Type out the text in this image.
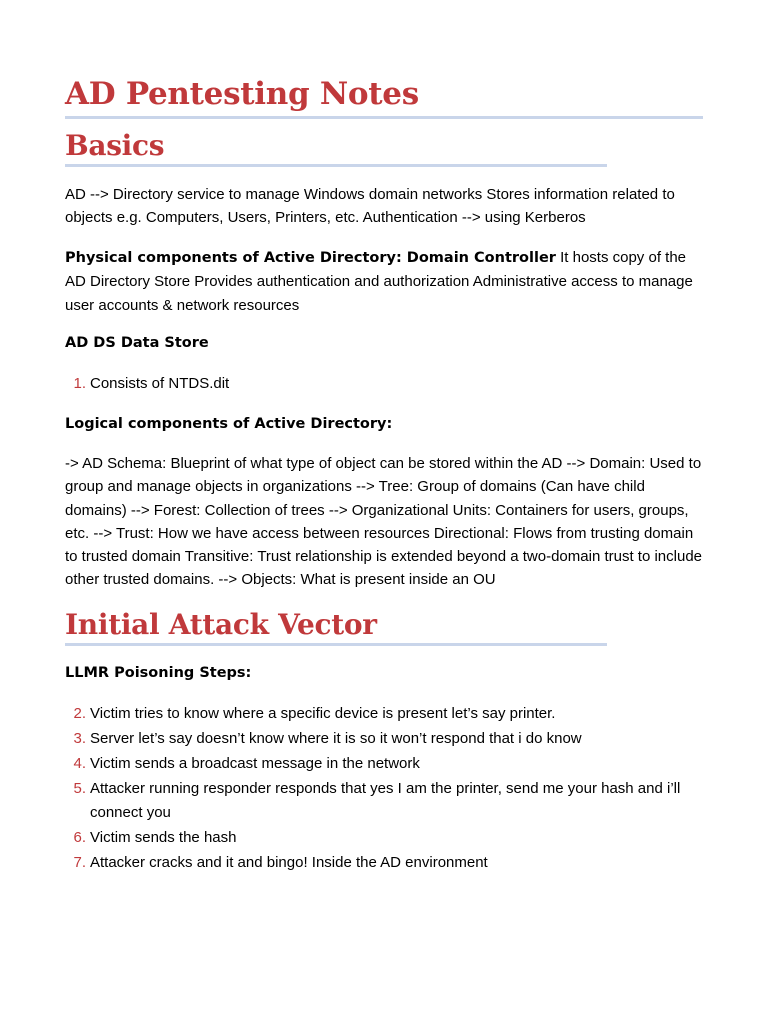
AD Pentesting Notes
Basics

AD --> Directory service to manage Windows domain networks Stores information related to objects e.g. Computers, Users, Printers, etc. Authentication --> using Kerberos

Physical components of Active Directory: Domain Controller It hosts copy of the AD Directory Store Provides authentication and authorization Administrative access to manage user accounts & network resources

AD DS Data Store
1. Consists of NTDS.dit
Logical components of Active Directory:

-> AD Schema: Blueprint of what type of object can be stored within the AD --> Domain: Used to group and manage objects in organizations --> Tree: Group of domains (Can have child domains) --> Forest: Collection of trees --> Organizational Units: Containers for users, groups, etc. --> Trust: How we have access between resources Directional: Flows from trusting domain to trusted domain Transitive: Trust relationship is extended beyond a two-domain trust to include other trusted domains. --> Objects: What is present inside an OU

Initial Attack Vector
LLMR Poisoning Steps:
2. Victim tries to know where a specific device is present let’s say printer.
3. Server let’s say doesn’t know where it is so it won’t respond that i do know
4. Victim sends a broadcast message in the network
5. Attacker running responder responds that yes I am the printer, send me your hash and i’ll connect you
6. Victim sends the hash
7. Attacker cracks and it and bingo! Inside the AD environment
